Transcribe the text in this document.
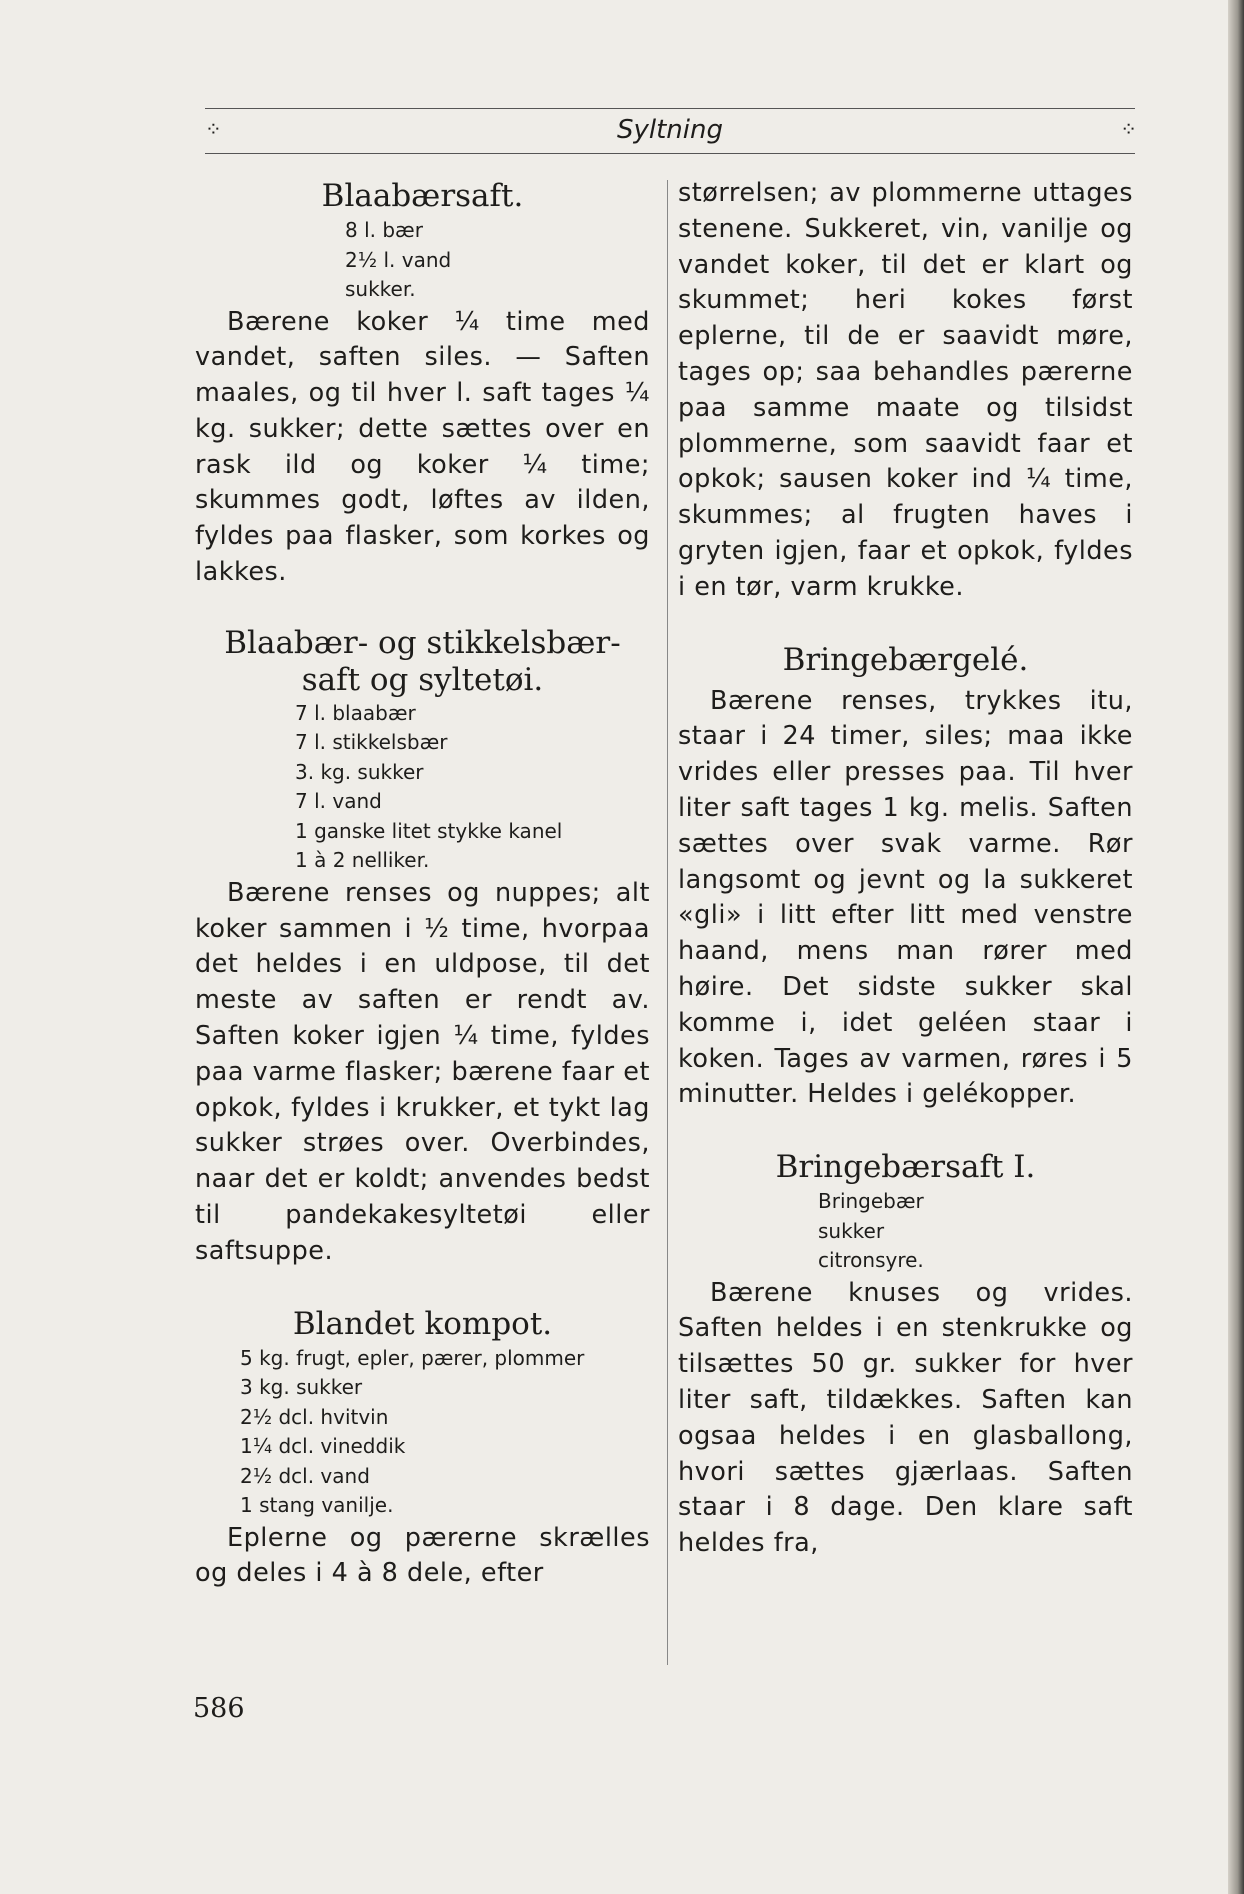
⁘	Syltning	⁘
Blaabærsaft.
8 l. bær
2½ l. vand
sukker.

Bærene koker ¼ time med vandet, saften siles. — Saften maales, og til hver l. saft tages ¼ kg. sukker; dette sættes over en rask ild og koker ¼ time; skummes godt, løftes av ilden, fyldes paa flasker, som korkes og lakkes.

Blaabær- og stikkelsbær-
saft og syltetøi.
7 l. blaabær
7 l. stikkelsbær
3. kg. sukker
7 l. vand
1 ganske litet stykke kanel
1 à 2 nelliker.

Bærene renses og nuppes; alt koker sammen i ½ time, hvorpaa det heldes i en uldpose, til det meste av saften er rendt av. Saften koker igjen ¼ time, fyldes paa varme flasker; bærene faar et opkok, fyldes i krukker, et tykt lag sukker strøes over. Overbindes, naar det er koldt; anvendes bedst til pandekakesyltetøi eller saftsuppe.

Blandet kompot.
5 kg. frugt, epler, pærer, plommer
3 kg. sukker
2½ dcl. hvitvin
1¼ dcl. vineddik
2½ dcl. vand
1 stang vanilje.

Eplerne og pærerne skrælles og deles i 4 à 8 dele, efter

størrelsen; av plommerne uttages stenene. Sukkeret, vin, vanilje og vandet koker, til det er klart og skummet; heri kokes først eplerne, til de er saavidt møre, tages op; saa behandles pærerne paa samme maate og tilsidst plommerne, som saavidt faar et opkok; sausen koker ind ¼ time, skummes; al frugten haves i gryten igjen, faar et opkok, fyldes i en tør, varm krukke.

Bringebærgelé.

Bærene renses, trykkes itu, staar i 24 timer, siles; maa ikke vrides eller presses paa. Til hver liter saft tages 1 kg. melis. Saften sættes over svak varme. Rør langsomt og jevnt og la sukkeret «gli» i litt efter litt med venstre haand, mens man rører med høire. Det sidste sukker skal komme i, idet geléen staar i koken. Tages av varmen, røres i 5 minutter. Heldes i gelékopper.

Bringebærsaft I.
Bringebær
sukker
citronsyre.

Bærene knuses og vrides. Saften heldes i en stenkrukke og tilsættes 50 gr. sukker for hver liter saft, tildækkes. Saften kan ogsaa heldes i en glasballong, hvori sættes gjærlaas. Saften staar i 8 dage. Den klare saft heldes fra,

586
